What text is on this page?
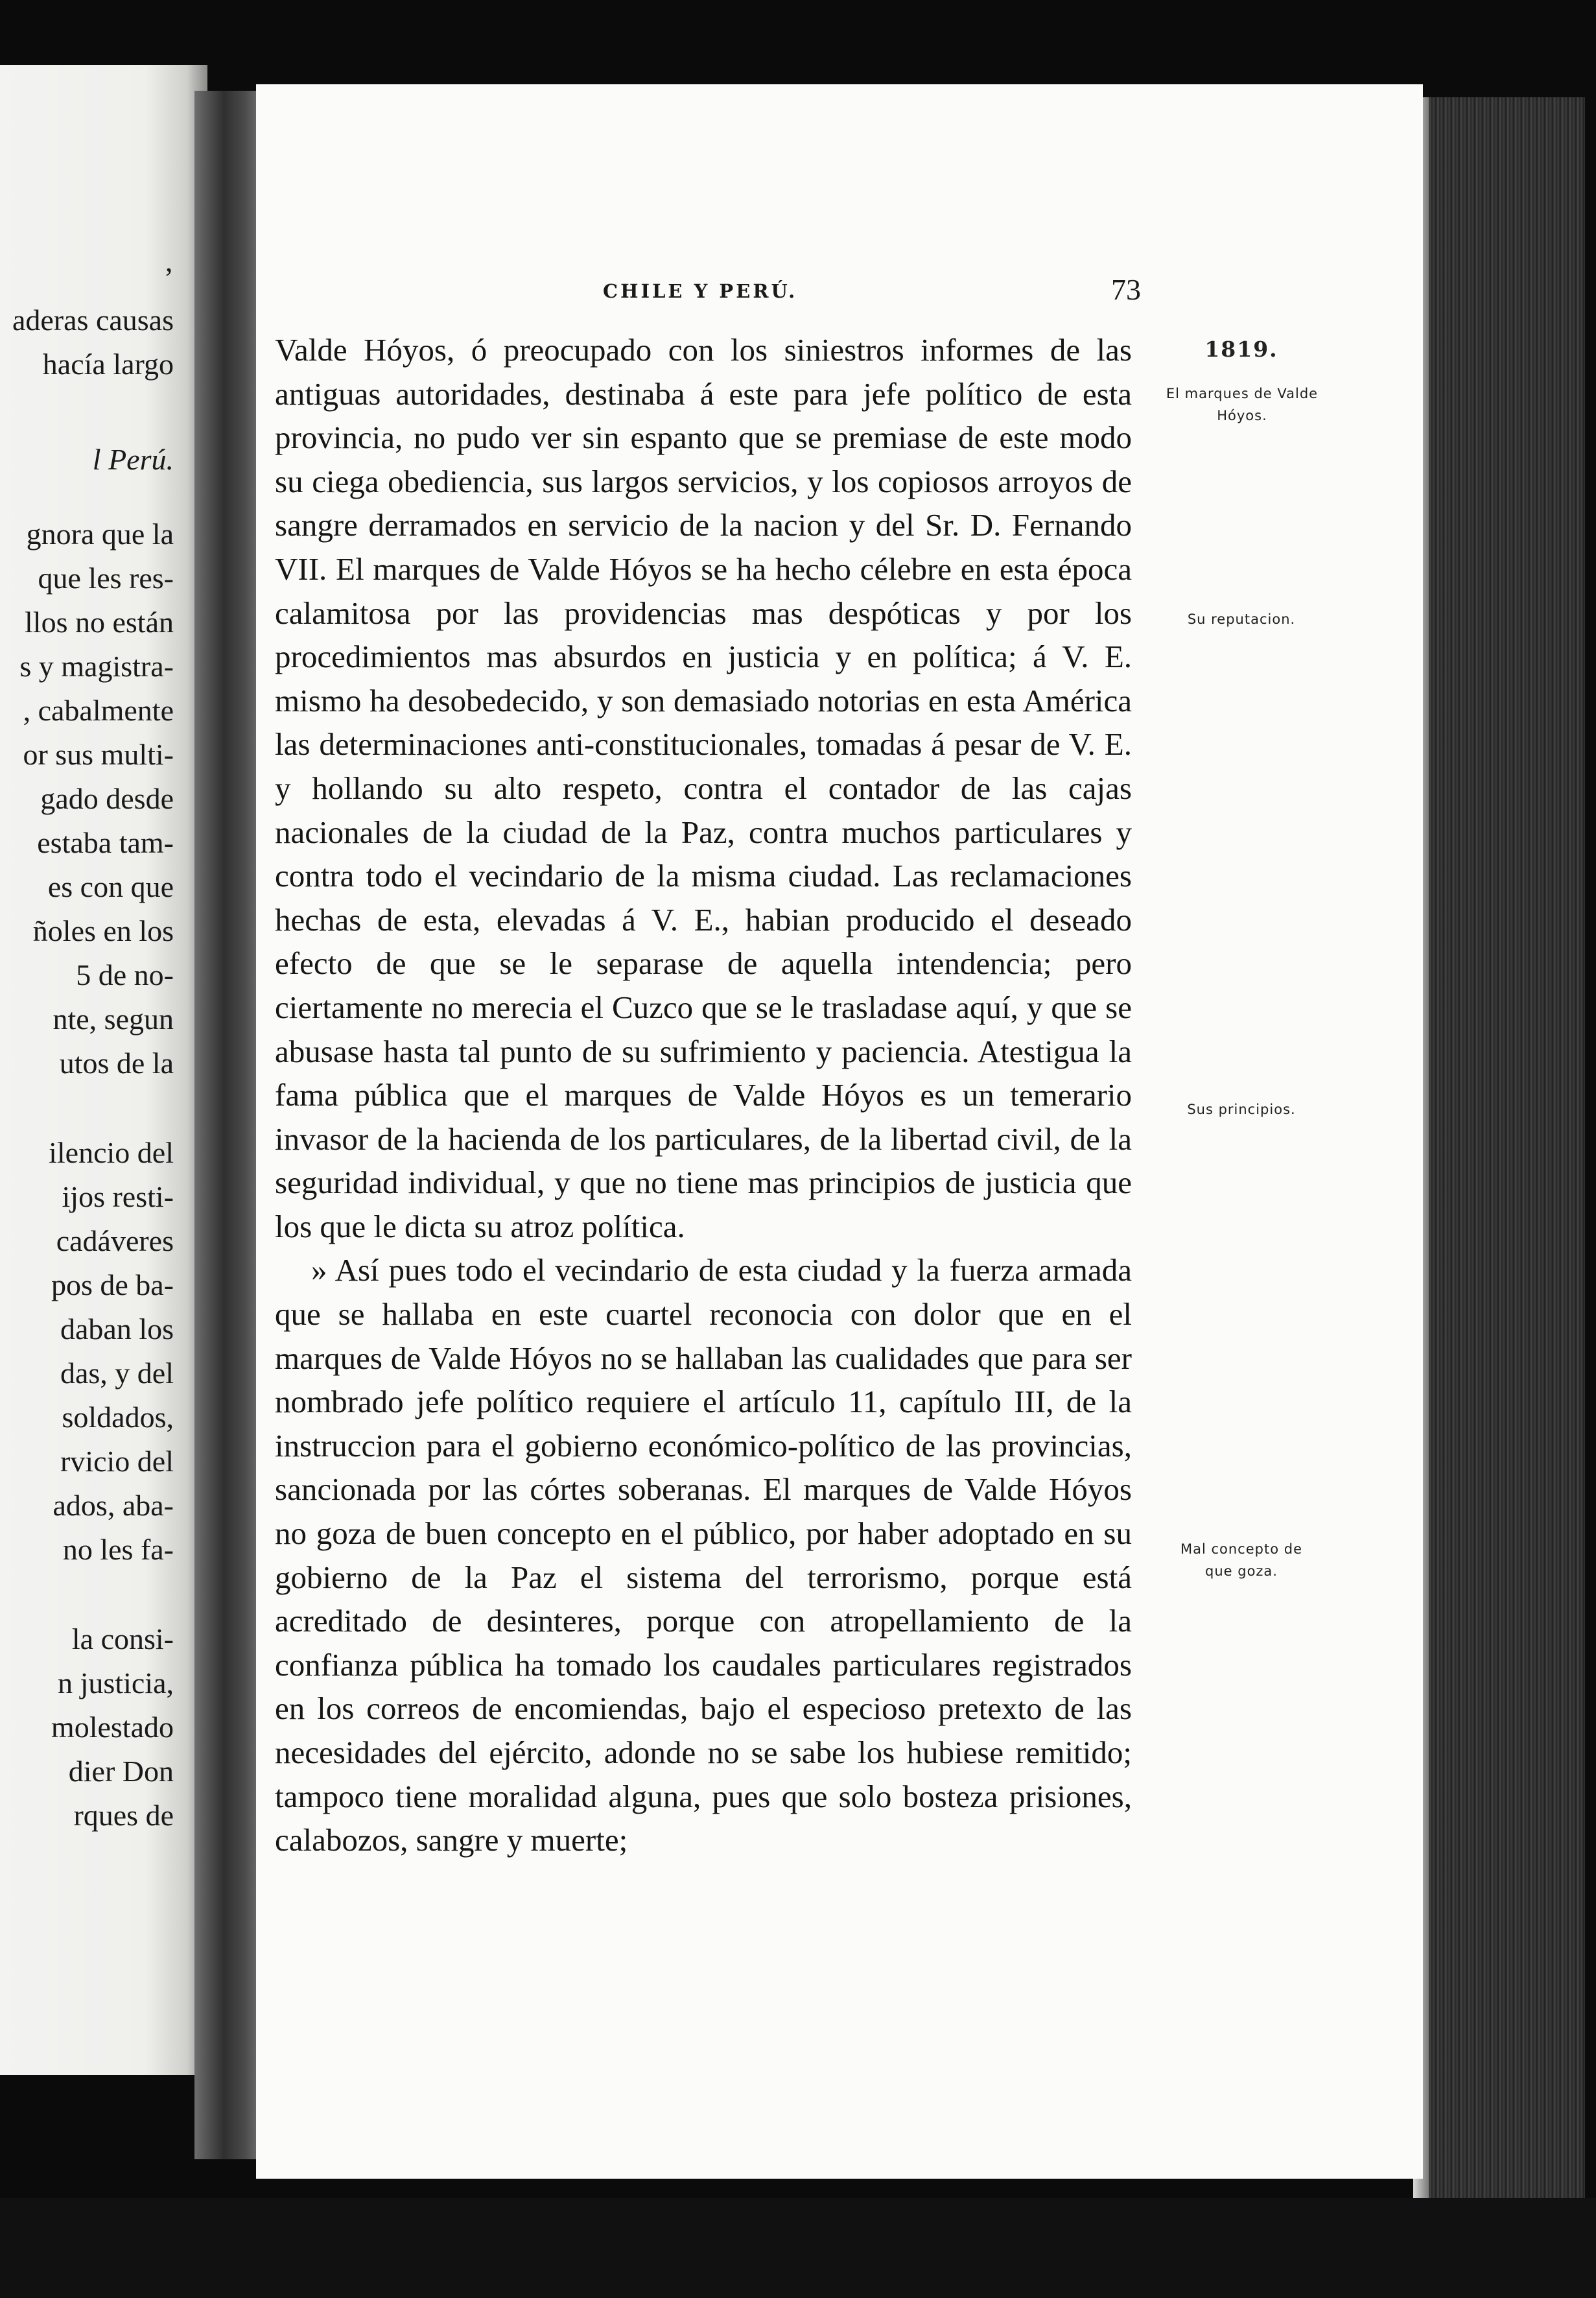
’
aderas causas
hacía largo
l Perú.
gnora que la
que les res-
llos no están
s y magistra-
, cabalmente
or sus multi-
gado desde
estaba tam-
es con que
ñoles en los
5 de no-
nte, segun
utos de la
ilencio del
ijos resti-
cadáveres
pos de ba-
daban los
das, y del
soldados,
rvicio del
ados, aba-
no les fa-
la consi-
n justicia,
molestado
dier Don
rques de
CHILE Y PERÚ.	73

Valde Hóyos, ó preocupado con los siniestros informes de las antiguas autoridades, destinaba á este para jefe político de esta provincia, no pudo ver sin espanto que se premiase de este modo su ciega obediencia, sus largos servicios, y los copiosos arroyos de sangre derramados en servicio de la nacion y del Sr. D. Fernando VII. El marques de Valde Hóyos se ha hecho célebre en esta época calamitosa por las providencias mas despóticas y por los procedimientos mas absurdos en justicia y en política; á V. E. mismo ha desobedecido, y son demasiado notorias en esta América las determinaciones anti-constitucionales, tomadas á pesar de V. E. y hollando su alto respeto, contra el contador de las cajas nacionales de la ciudad de la Paz, contra muchos particulares y contra todo el vecindario de la misma ciudad. Las reclamaciones hechas de esta, elevadas á V. E., habian producido el deseado efecto de que se le separase de aquella intendencia; pero ciertamente no merecia el Cuzco que se le trasladase aquí, y que se abusase hasta tal punto de su sufrimiento y paciencia. Atestigua la fama pública que el marques de Valde Hóyos es un temerario invasor de la hacienda de los particulares, de la libertad civil, de la seguridad individual, y que no tiene mas principios de justicia que los que le dicta su atroz política.

» Así pues todo el vecindario de esta ciudad y la fuerza armada que se hallaba en este cuartel reconocia con dolor que en el marques de Valde Hóyos no se hallaban las cualidades que para ser nombrado jefe político requiere el artículo 11, capítulo III, de la instruccion para el gobierno económico-político de las provincias, sancionada por las córtes soberanas. El marques de Valde Hóyos no goza de buen concepto en el público, por haber adoptado en su gobierno de la Paz el sistema del terrorismo, porque está acreditado de desinteres, porque con atropellamiento de la confianza pública ha tomado los caudales particulares registrados en los correos de encomiendas, bajo el especioso pretexto de las necesidades del ejército, adonde no se sabe los hubiese remitido; tampoco tiene moralidad alguna, pues que solo bosteza prisiones, calabozos, sangre y muerte;

1819.
El marques de Valde Hóyos.
Su reputacion.
Sus principios.
Mal concepto de que goza.
